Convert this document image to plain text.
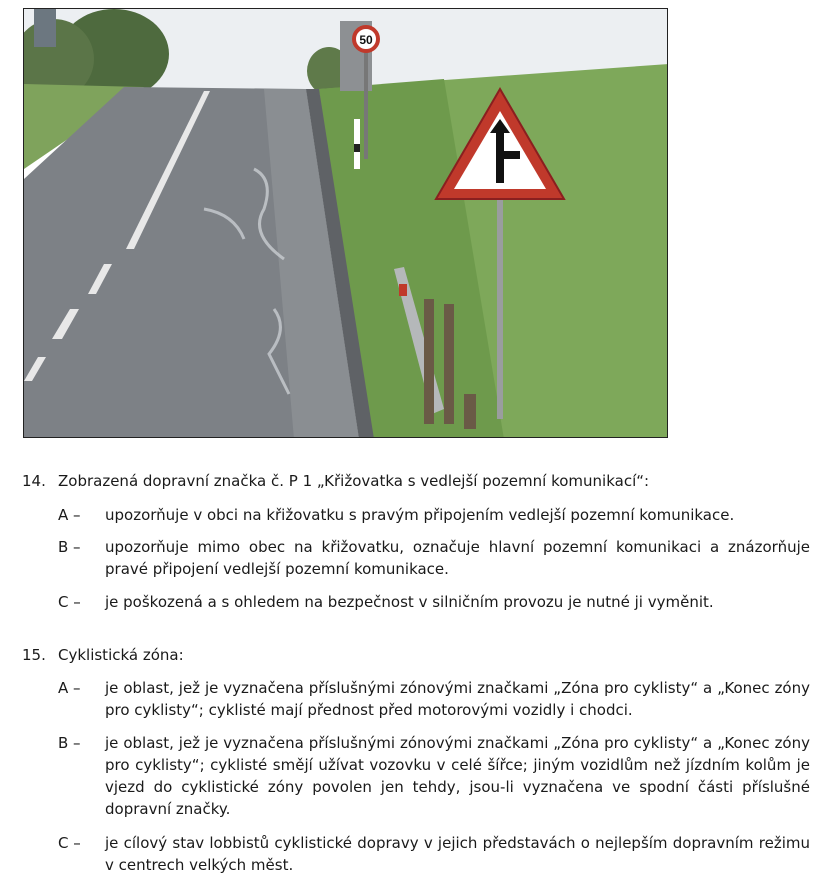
50
14. Zobrazená dopravní značka č. P 1 „Křižovatka s vedlejší pozemní komunikací“:
A –	upozorňuje v obci na křižovatku s pravým připojením vedlejší pozemní komunikace.
B –	upozorňuje mimo obec na křižovatku, označuje hlavní pozemní komunikaci a znázorňuje pravé připojení vedlejší pozemní komunikace.
C –	je poškozená a s ohledem na bezpečnost v silničním provozu je nutné ji vyměnit.
15. Cyklistická zóna:
A –	je oblast, jež je vyznačena příslušnými zónovými značkami „Zóna pro cyklisty“ a „Konec zóny pro cyklisty“; cyklisté mají přednost před motorovými vozidly i chodci.
B –	je oblast, jež je vyznačena příslušnými zónovými značkami „Zóna pro cyklisty“ a „Konec zóny pro cyklisty“; cyklisté smějí užívat vozovku v celé šířce; jiným vozidlům než jízdním kolům je vjezd do cyklistické zóny povolen jen tehdy, jsou-li vyznačena ve spodní části příslušné dopravní značky.
C –	je cílový stav lobbistů cyklistické dopravy v jejich představách o nejlepším dopravním režimu v centrech velkých měst.
